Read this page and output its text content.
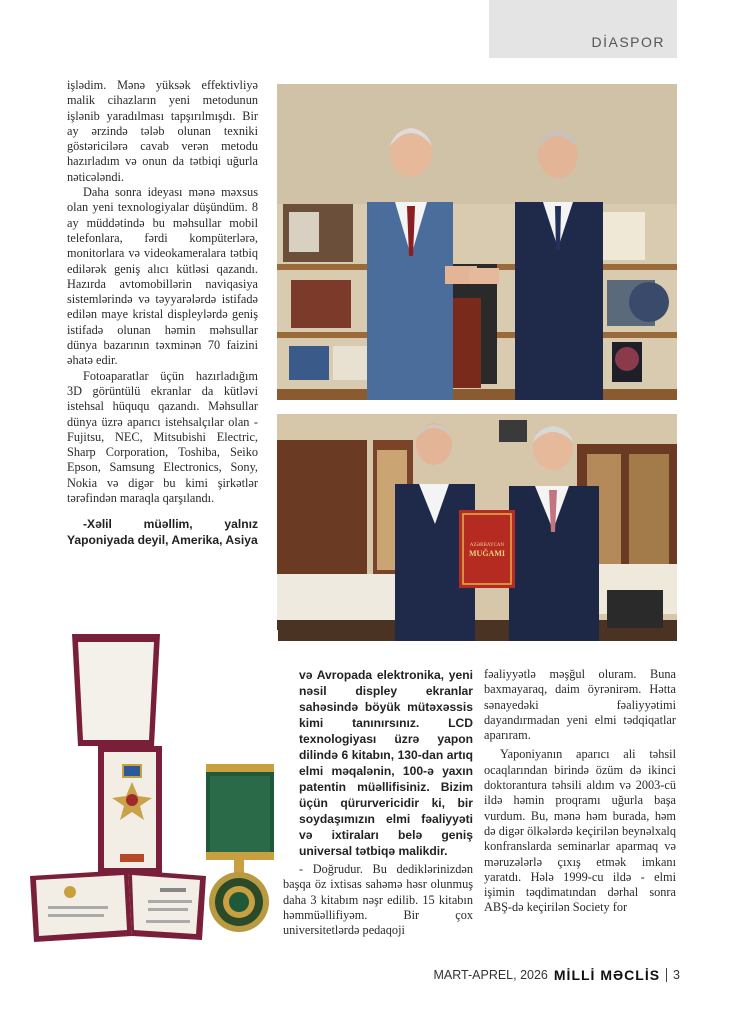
DİASPOR

işlədim. Mənə yüksək effektivliyə malik cihazların yeni metodunun işlənib yaradılması tapşırılmışdı. Bir ay ərzində tələb olunan texniki göstəricilərə cavab verən metodu hazırladım və onun da tətbiqi uğurla nəticələndi.

Daha sonra ideyası mənə məxsus olan yeni texnologiyalar düşündüm. 8 ay müddətində bu məhsullar mobil telefonlara, fərdi kompüterlərə, monitorlara və videokameralara tətbiq edilərək geniş alıcı kütləsi qazandı. Hazırda avtomobillərin naviqasiya sistemlərində və təyyarələrdə istifadə edilən maye kristal displeylərdə geniş istifadə olunan həmin məhsullar dünya bazarının təxminən 70 faizini əhatə edir.

Fotoaparatlar üçün hazırladığım 3D görüntülü ekranlar da kütləvi istehsal hüququ qazandı. Məhsullar dünya üzrə aparıcı istehsalçılar olan - Fujitsu, NEC, Mitsubishi Electric, Sharp Corporation, Toshiba, Seiko Epson, Samsung Electronics, Sony, Nokia və digər bu kimi şirkətlər tərəfindən maraqla qarşılandı.

-Xəlil müəllim, yalnız Yaponiyada deyil, Amerika, Asiya	AZƏRBAYCAN
MUĞAMI

və Avropada elektronika, yeni nəsil displey ekranlar sahəsində böyük mütəxəssis kimi tanınırsınız. LCD texnologiyası üzrə yapon dilində 6 kitabın, 130-dan artıq elmi məqalənin, 100-ə yaxın patentin müəllifisiniz. Bizim üçün qürurvericidir ki, bir soydaşımızın elmi fəaliyyəti və ixtiraları belə geniş universal tətbiqə malikdir.

- Doğrudur. Bu dediklərinizdən başqa öz ixtisas sahəmə həsr olunmuş daha 3 kitabım nəşr edilib. 15 kitabın həmmüəllifiyəm. Bir çox universitetlərdə pedaqoji

fəaliyyətlə məşğul oluram. Buna baxmayaraq, daim öyrənirəm. Hətta sənayedəki fəaliyyətimi dayandırmadan yeni elmi tədqiqatlar aparıram.

Yaponiyanın aparıcı ali təhsil ocaqlarından birində özüm də ikinci doktorantura təhsili aldım və 2003-cü ildə həmin proqramı uğurla başa vurdum. Bu, mənə həm burada, həm də digər ölkələrdə keçirilən beynəlxalq konfranslarda seminarlar aparmaq və məruzələrlə çıxış etmək imkanı yaratdı. Hələ 1999-cu ildə - elmi işimin təqdimatından dərhal sonra ABŞ-də keçirilən Society for

MART-APREL, 2026 MİLLİ MƏCLİS 3
